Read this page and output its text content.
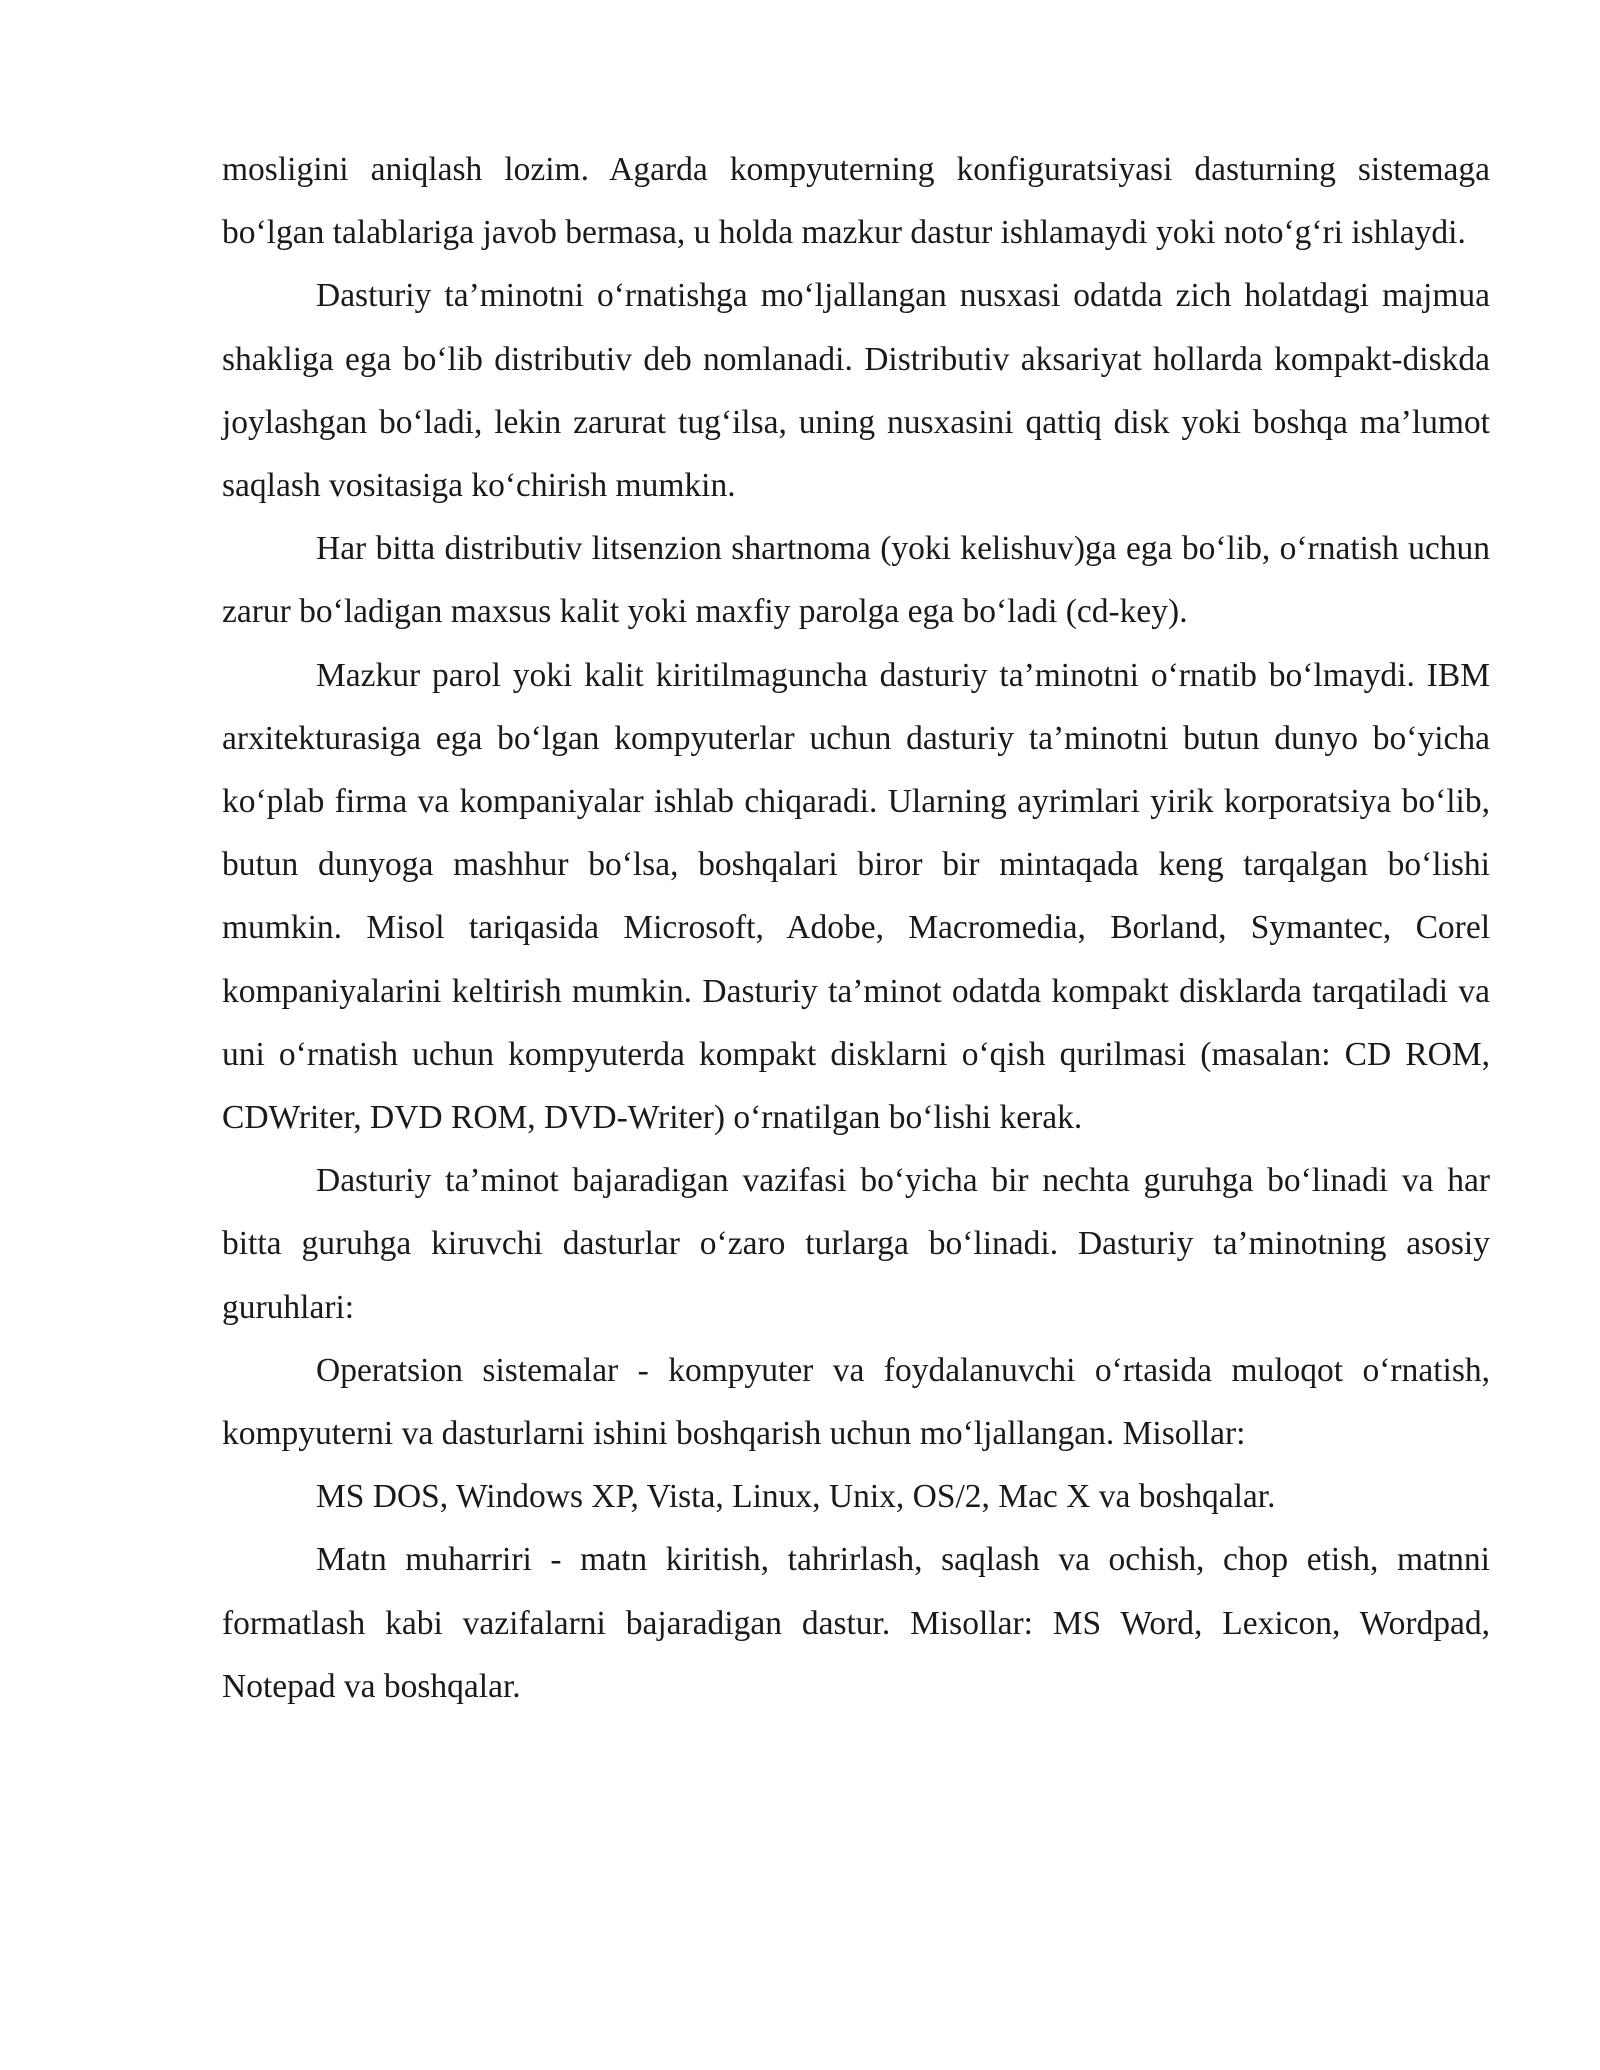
mosligini aniqlash lozim. Agarda kompyuterning konfiguratsiyasi dasturning sistemaga bo‘lgan talablariga javob bermasa, u holda mazkur dastur ishlamaydi yoki noto‘g‘ri ishlaydi.

Dasturiy ta’minotni o‘rnatishga mo‘ljallangan nusxasi odatda zich holatdagi majmua shakliga ega bo‘lib distributiv deb nomlanadi. Distributiv aksariyat hollarda kompakt-diskda joylashgan bo‘ladi, lekin zarurat tug‘ilsa, uning nusxasini qattiq disk yoki boshqa ma’lumot saqlash vositasiga ko‘chirish mumkin.

Har bitta distributiv litsenzion shartnoma (yoki kelishuv)ga ega bo‘lib, o‘rnatish uchun zarur bo‘ladigan maxsus kalit yoki maxfiy parolga ega bo‘ladi (cd-key).

Mazkur parol yoki kalit kiritilmaguncha dasturiy ta’minotni o‘rnatib bo‘lmaydi. IBM arxitekturasiga ega bo‘lgan kompyuterlar uchun dasturiy ta’minotni butun dunyo bo‘yicha ko‘plab firma va kompaniyalar ishlab chiqaradi. Ularning ayrimlari yirik korporatsiya bo‘lib, butun dunyoga mashhur bo‘lsa, boshqalari biror bir mintaqada keng tarqalgan bo‘lishi mumkin. Misol tariqasida Microsoft, Adobe, Macromedia, Borland, Symantec, Corel kompaniyalarini keltirish mumkin. Dasturiy ta’minot odatda kompakt disklarda tarqatiladi va uni o‘rnatish uchun kompyuterda kompakt disklarni o‘qish qurilmasi (masalan: CD ROM, CDWriter, DVD ROM, DVD-Writer) o‘rnatilgan bo‘lishi kerak.

Dasturiy ta’minot bajaradigan vazifasi bo‘yicha bir nechta guruhga bo‘linadi va har bitta guruhga kiruvchi dasturlar o‘zaro turlarga bo‘linadi. Dasturiy ta’minotning asosiy guruhlari:

Operatsion sistemalar - kompyuter va foydalanuvchi o‘rtasida muloqot o‘rnatish, kompyuterni va dasturlarni ishini boshqarish uchun mo‘ljallangan. Misollar:

MS DOS, Windows XP, Vista, Linux, Unix, OS/2, Mac X va boshqalar.

Matn muharriri - matn kiritish, tahrirlash, saqlash va ochish, chop etish, matnni formatlash kabi vazifalarni bajaradigan dastur. Misollar: MS Word, Lexicon, Wordpad, Notepad va boshqalar.
